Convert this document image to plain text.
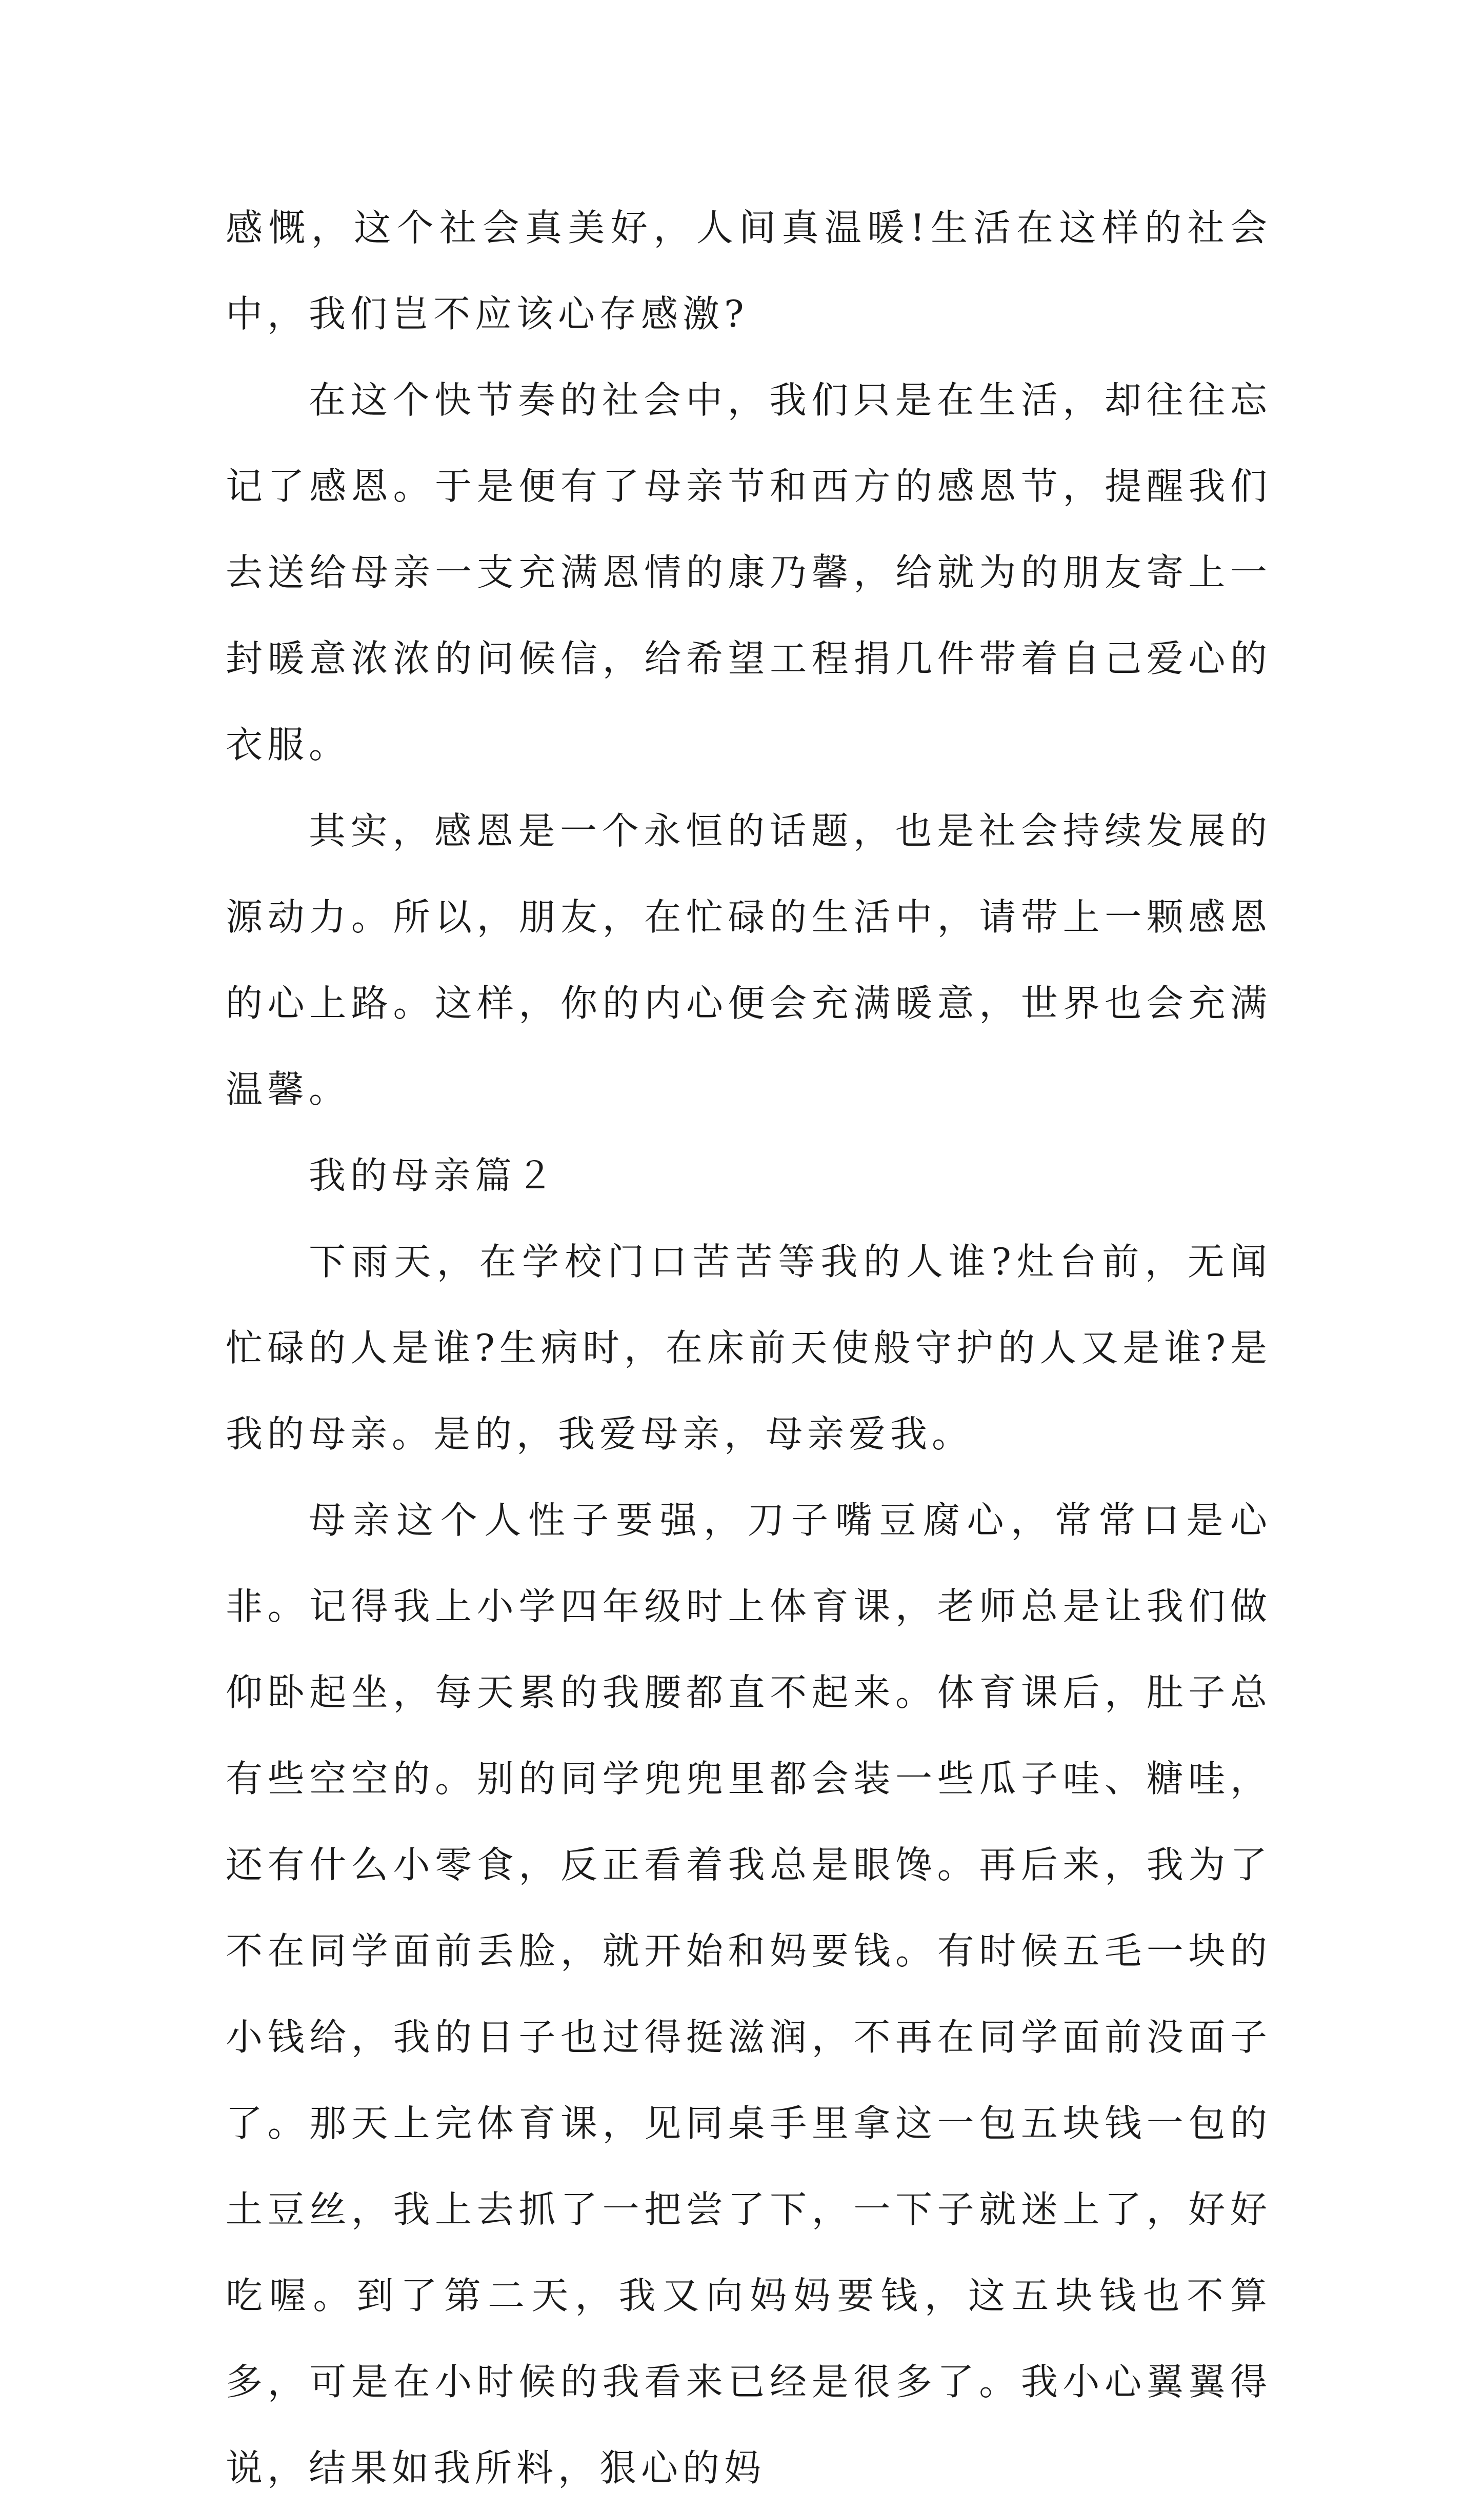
感慨，这个社会真美好，人间真温暖!生活在这样的社会中，我们岂不应该心存感激?

在这个快节奏的社会中，我们只是在生活，却往往忘记了感恩。于是便有了母亲节和西方的感恩节，提醒我们去送给母亲一支充满恩情的康乃馨，给就为的朋友寄上一封暖意浓浓的问候信，给希望工程捐几件带着自己爱心的衣服。

其实，感恩是一个永恒的话题，也是社会持续发展的源动力。所以，朋友，在忙碌的生活中，请带上一颗感恩的心上路。这样，你的内心便会充满暖意，世界也会充满温馨。

我的母亲篇２

下雨天，在学校门口苦苦等我的人谁?灶台前，无闻忙碌的人是谁?生病时，在床前天使般守护的人又是谁?是我的母亲。是的，我爱母亲，母亲爱我。

母亲这个人性子要强，刀子嘴豆腐心，常常口是心非。记得我上小学四年级时上体育课，老师总是让我们做仰卧起坐，每天累的我腰都直不起来。体育课后，肚子总有些空空的。别的同学兜兜里都会装一些瓜子哇、糖哇，还有什么小零食，反正看着我总是眼馋。再后来，我为了不在同学面前丢脸，就开始和妈要钱。有时候五毛一块的小钱给，我的日子也过得挺滋润，不再在同学面前没面子了。那天上完体育课，见同桌手里拿这一包五块钱一包的土豆丝，我上去抓了一把尝了下，一下子就迷上了，好好吃喔。到了第二天，我又向妈妈要钱，这五块钱也不算多，可是在小时候的我看来已经是很多了。我小心翼翼得说，结果如我所料，狠心的妈
